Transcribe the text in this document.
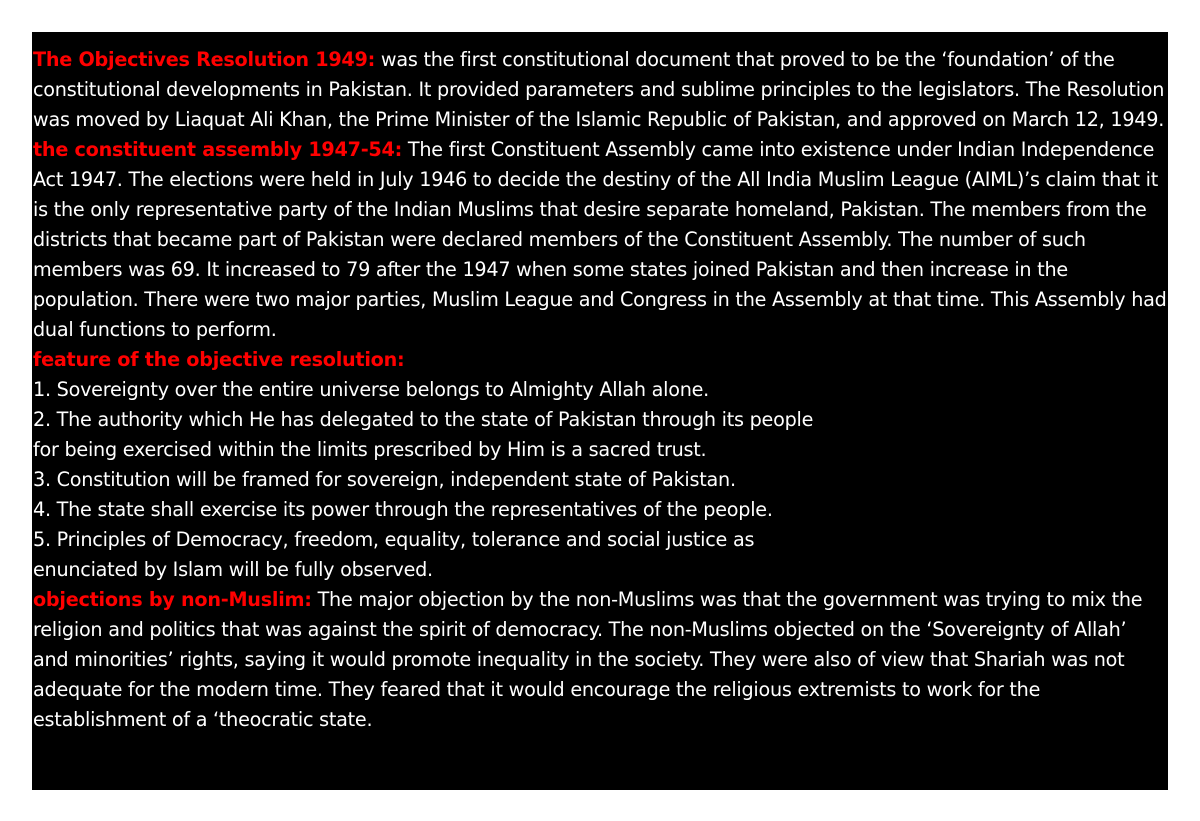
The Objectives Resolution 1949: was the first constitutional document that proved to be the ‘foundation’ of the constitutional developments in Pakistan. It provided parameters and sublime principles to the legislators. The Resolution was moved by Liaquat Ali Khan, the Prime Minister of the Islamic Republic of Pakistan, and approved on March 12, 1949.

the constituent assembly 1947-54: The first Constituent Assembly came into existence under Indian Independence Act 1947. The elections were held in July 1946 to decide the destiny of the All India Muslim League (AIML)’s claim that it is the only representative party of the Indian Muslims that desire separate homeland, Pakistan. The members from the districts that became part of Pakistan were declared members of the Constituent Assembly. The number of such members was 69. It increased to 79 after the 1947 when some states joined Pakistan and then increase in the population. There were two major parties, Muslim League and Congress in the Assembly at that time. This Assembly had dual functions to perform.

feature of the objective resolution:
1. Sovereignty over the entire universe belongs to Almighty Allah alone.
2. The authority which He has delegated to the state of Pakistan through its people
for being exercised within the limits prescribed by Him is a sacred trust.
3. Constitution will be framed for sovereign, independent state of Pakistan.
4. The state shall exercise its power through the representatives of the people.
5. Principles of Democracy, freedom, equality, tolerance and social justice as
enunciated by Islam will be fully observed.

objections by non-Muslim: The major objection by the non-Muslims was that the government was trying to mix the religion and politics that was against the spirit of democracy. The non-Muslims objected on the ‘Sovereignty of Allah’ and minorities’ rights, saying it would promote inequality in the society. They were also of view that Shariah was not adequate for the modern time. They feared that it would encourage the religious extremists to work for the establishment of a ‘theocratic state.
